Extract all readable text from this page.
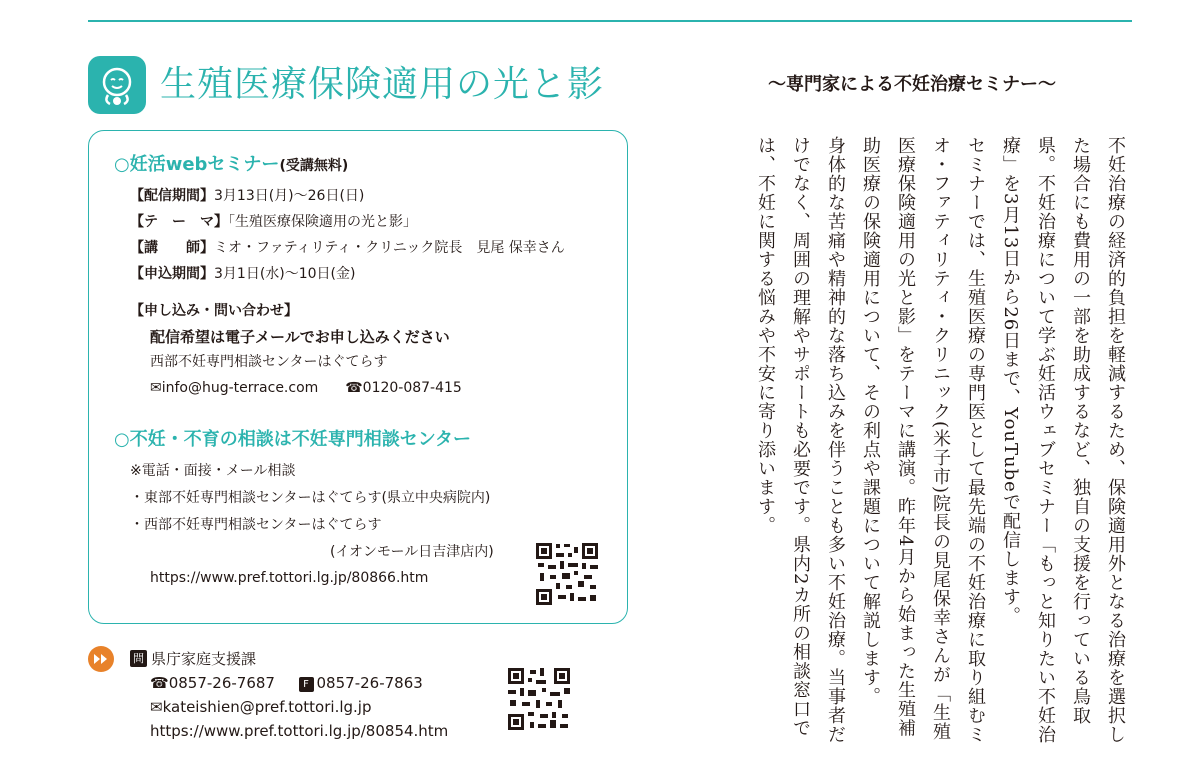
生殖医療保険適用の光と影	～専門家による不妊治療セミナー～
○妊活webセミナー(受講無料)
【配信期間】3月13日(月)～26日(日)
【テ　ー　マ】「生殖医療保険適用の光と影」
【講　　師】ミオ・ファティリティ・クリニック院長　見尾 保幸さん
【申込期間】3月1日(水)～10日(金)
【申し込み・問い合わせ】
配信希望は電子メールでお申し込みください
西部不妊専門相談センターはぐてらす
✉info@hug-terrace.com ☎0120-087-415
○不妊・不育の相談は不妊専門相談センター
※電話・面接・メール相談
・東部不妊専門相談センターはぐてらす(県立中央病院内)
・西部不妊専門相談センターはぐてらす
(イオンモール日吉津店内)
https://www.pref.tottori.lg.jp/80866.htm
問 県庁家庭支援課
☎0857-26-7687	F 0857-26-7863
✉kateishien@pref.tottori.lg.jp
https://www.pref.tottori.lg.jp/80854.htm	不妊治療の経済的負担を軽減するため、保険適用外となる治療を選択した場合にも費用の一部を助成するなど、独自の支援を行っている鳥取県。不妊治療について学ぶ妊活ウェブセミナー「もっと知りたい不妊治療」を3月13日から26日まで、YouTubeで配信します。

セミナーでは、生殖医療の専門医として最先端の不妊治療に取り組むミオ・ファティリティ・クリニック(米子市)院長の見尾保幸さんが「生殖医療保険適用の光と影」をテーマに講演。昨年4月から始まった生殖補助医療の保険適用について、その利点や課題について解説します。

身体的な苦痛や精神的な落ち込みを伴うことも多い不妊治療。当事者だけでなく、周囲の理解やサポートも必要です。県内2カ所の相談窓口では、不妊に関する悩みや不安に寄り添います。
